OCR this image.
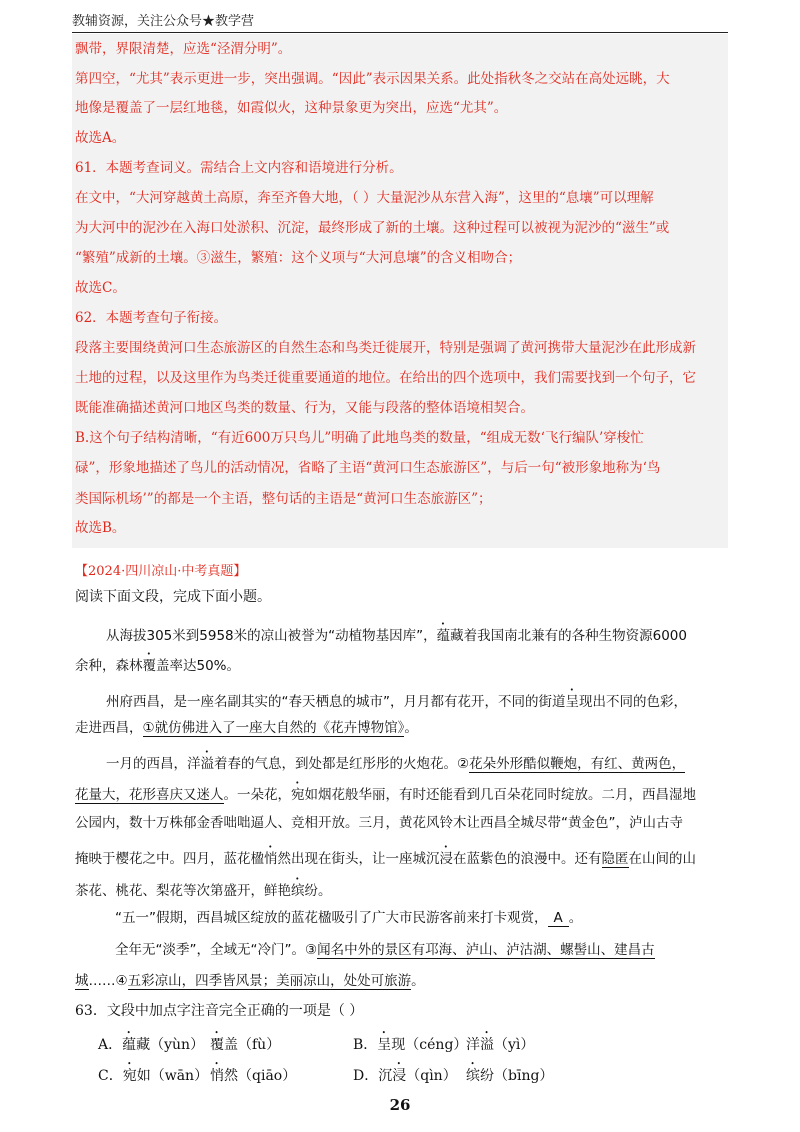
教辅资源，关注公众号★教学营
飘带，界限清楚，应选“泾渭分明”。
第四空，“尤其”表示更进一步，突出强调。“因此”表示因果关系。此处指秋冬之交站在高处远眺，大
地像是覆盖了一层红地毯，如霞似火，这种景象更为突出，应选“尤其”。
故选A。
61．本题考查词义。需结合上文内容和语境进行分析。
在文中，“大河穿越黄土高原，奔至齐鲁大地，（ ）大量泥沙从东营入海”，这里的“息壤”可以理解
为大河中的泥沙在入海口处淤积、沉淀，最终形成了新的土壤。这种过程可以被视为泥沙的“滋生”或
“繁殖”成新的土壤。③滋生，繁殖：这个义项与“大河息壤”的含义相吻合；
故选C。
62．本题考查句子衔接。
段落主要围绕黄河口生态旅游区的自然生态和鸟类迁徙展开，特别是强调了黄河携带大量泥沙在此形成新
土地的过程，以及这里作为鸟类迁徙重要通道的地位。在给出的四个选项中，我们需要找到一个句子，它
既能准确描述黄河口地区鸟类的数量、行为，又能与段落的整体语境相契合。
B.这个句子结构清晰，“有近600万只鸟儿”明确了此地鸟类的数量，“组成无数‘飞行编队’穿梭忙
碌”，形象地描述了鸟儿的活动情况，省略了主语“黄河口生态旅游区”，与后一句“被形象地称为‘鸟
类国际机场’”的都是一个主语，整句话的主语是“黄河口生态旅游区”；
故选B。
【2024·四川凉山·中考真题】
阅读下面文段，完成下面小题。
从海拔305米到5958米的凉山被誉为“动植物基因库”，蕴藏着我国南北兼有的各种生物资源6000
余种，森林覆盖率达50%。
州府西昌，是一座名副其实的“春天栖息的城市”，月月都有花开，不同的街道呈现出不同的色彩，
走进西昌，①就仿佛进入了一座大自然的《花卉博物馆》。
一月的西昌，洋溢着春的气息，到处都是红彤彤的火炮花。②花朵外形酷似鞭炮，有红、黄两色，
花量大，花形喜庆又迷人。一朵花，宛如烟花般华丽，有时还能看到几百朵花同时绽放。二月，西昌湿地
公园内，数十万株郁金香咄咄逼人、竞相开放。三月，黄花风铃木让西昌全城尽带“黄金色”，泸山古寺
掩映于樱花之中。四月，蓝花楹悄然出现在街头，让一座城沉浸在蓝紫色的浪漫中。还有隐匿在山间的山
茶花、桃花、梨花等次第盛开，鲜艳缤纷。
“五一”假期，西昌城区绽放的蓝花楹吸引了广大市民游客前来打卡观赏， A 。
全年无“淡季”，全域无“冷门”。③闻名中外的景区有邛海、泸山、泸沽湖、螺髻山、建昌古
城……④五彩凉山，四季皆风景；美丽凉山，处处可旅游。
63．文段中加点字注音完全正确的一项是（ ）
A．蕴藏（yùn） 覆盖（fù）	B．呈现（céng）
洋溢（yì）
C．宛如（wān） 悄然（qiāo）	D．沉浸（qìn） 缤纷（bīng）
26
